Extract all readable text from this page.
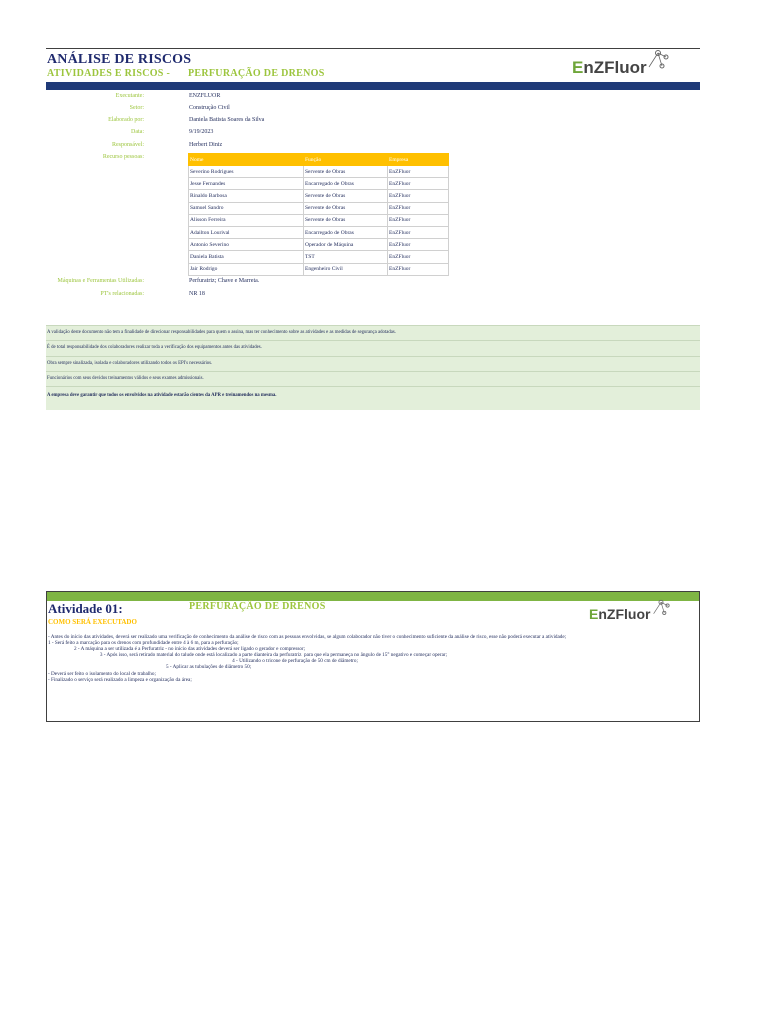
ANÁLISE DE RISCOS
ATIVIDADES E RISCOS - PERFURAÇÃO DE DRENOS	EnZFluor
Executante:	ENZFLUOR
Setor:	Construção Civil
Elaborado por:	Daniela Batista Soares da Silva
Data:	9/19/2023
Responsável:	Herbert Diniz
Recurso pessoas:	Nome	Função	Empresa
Severino Rodrigues	Servente de Obras	EnZFluor
Jesse Fernandes	Encarregado de Obras	EnZFluor
Rinaldo Barbosa	Servente de Obras	EnZFluor
Samuel Sandro	Servente de Obras	EnZFluor
Alisson Ferreira	Servente de Obras	EnZFluor
Adailton Lourival	Encarregado de Obras	EnZFluor
Antonio Severino	Operador de Máquina	EnZFluor
Daniela Batista	TST	EnZFluor
Jair Rodrigo	Engenheiro Civil	EnZFluor
Máquinas e Ferramentas Utilizadas:	Perfuratriz; Chave e Marreta.
PT's relacionadas:	NR 18
A validação deste documento não tem a finalidade de direcionar responsabilidades para quem o assina, mas ter conhecimento sobre as atividades e as medidas de segurança adotadas.
É de total responsabilidade dos colaboradores realizar toda a verificação dos equipamentos antes das atividades.
Obra sempre sinalizada, isolada e colaboradores utilizando todos os EPI's necessários.
Funcionários com seus devidos treinamentos válidos e seus exames admissionais.
A empresa deve garantir que todos os envolvidos na atividade estarão cientes da APR e treinamendos na mesma.
Atividade 01:	PERFURAÇÃO DE DRENOS
COMO SERÁ EXECUTADO	EnZFluor
- Antes do início das atividades, deverá ser realizado uma verificação de conhecimento da análise de risco com as pessoas envolvidas, se algum colaborador não tiver o conhecimento suficiente da análise de risco, esse não poderá executar a atividade;
1 - Será feito a marcação para os drenos com profundidade entre 4 à 6 m, para a perfuração;
2 - A máquina a ser utilizada é a Perfuratriz - no início das atividades deverá ser ligado o gerador e compressor;
3 - Após isso, será retirado material do talude onde está localizado a parte dianteira da perfuratriz  para que ela permaneça no ângulo de 15° negativo e começar operar;
4 - Utilizando o tricone de perfuração de 50 cm de diâmetro;
5 - Aplicar as tubulações de diâmetro 50;
- Deverá ser feito o isolamento do local de trabalho;
- Finalizado o serviço será realizado a limpeza e organização da área;
